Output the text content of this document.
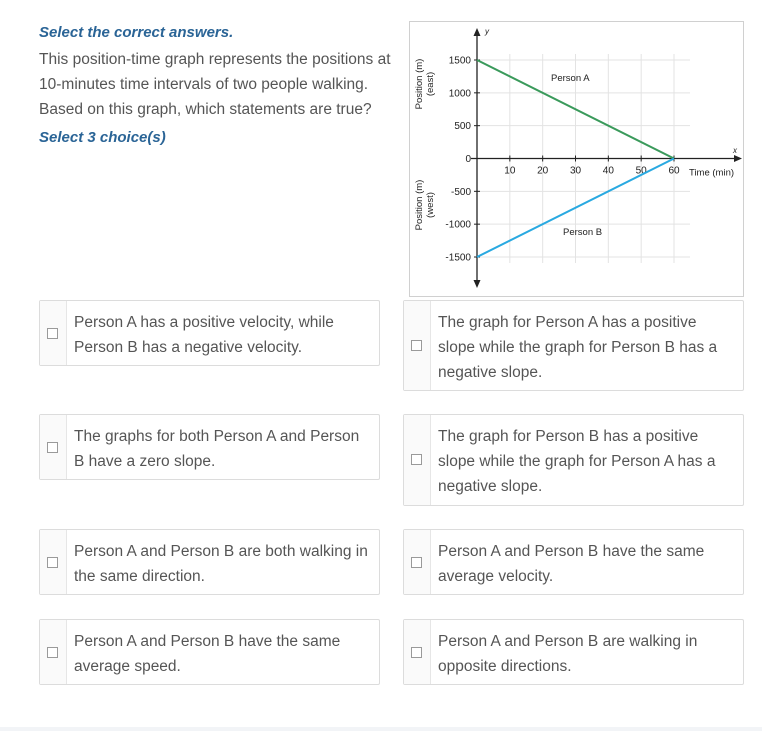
Select the correct answers.
This position-time graph represents the positions at 10-minutes time intervals of two people walking. Based on this graph, which statements are true?
Select 3 choice(s)
y
x
1500
1000
500
0
-500
-1000
-1500
10 20 30 40 50 60 Time (min)
Position (m)(east)
Position (m)(west)
Person A
Person B
Person A has a positive velocity, while Person B has a negative velocity.
The graphs for both Person A and Person B have a zero slope.
Person A and Person B are both walking in the same direction.
Person A and Person B have the same average speed.
The graph for Person A has a positive slope while the graph for Person B has a negative slope.
The graph for Person B has a positive slope while the graph for Person A has a negative slope.
Person A and Person B have the same average velocity.
Person A and Person B are walking in opposite directions.
